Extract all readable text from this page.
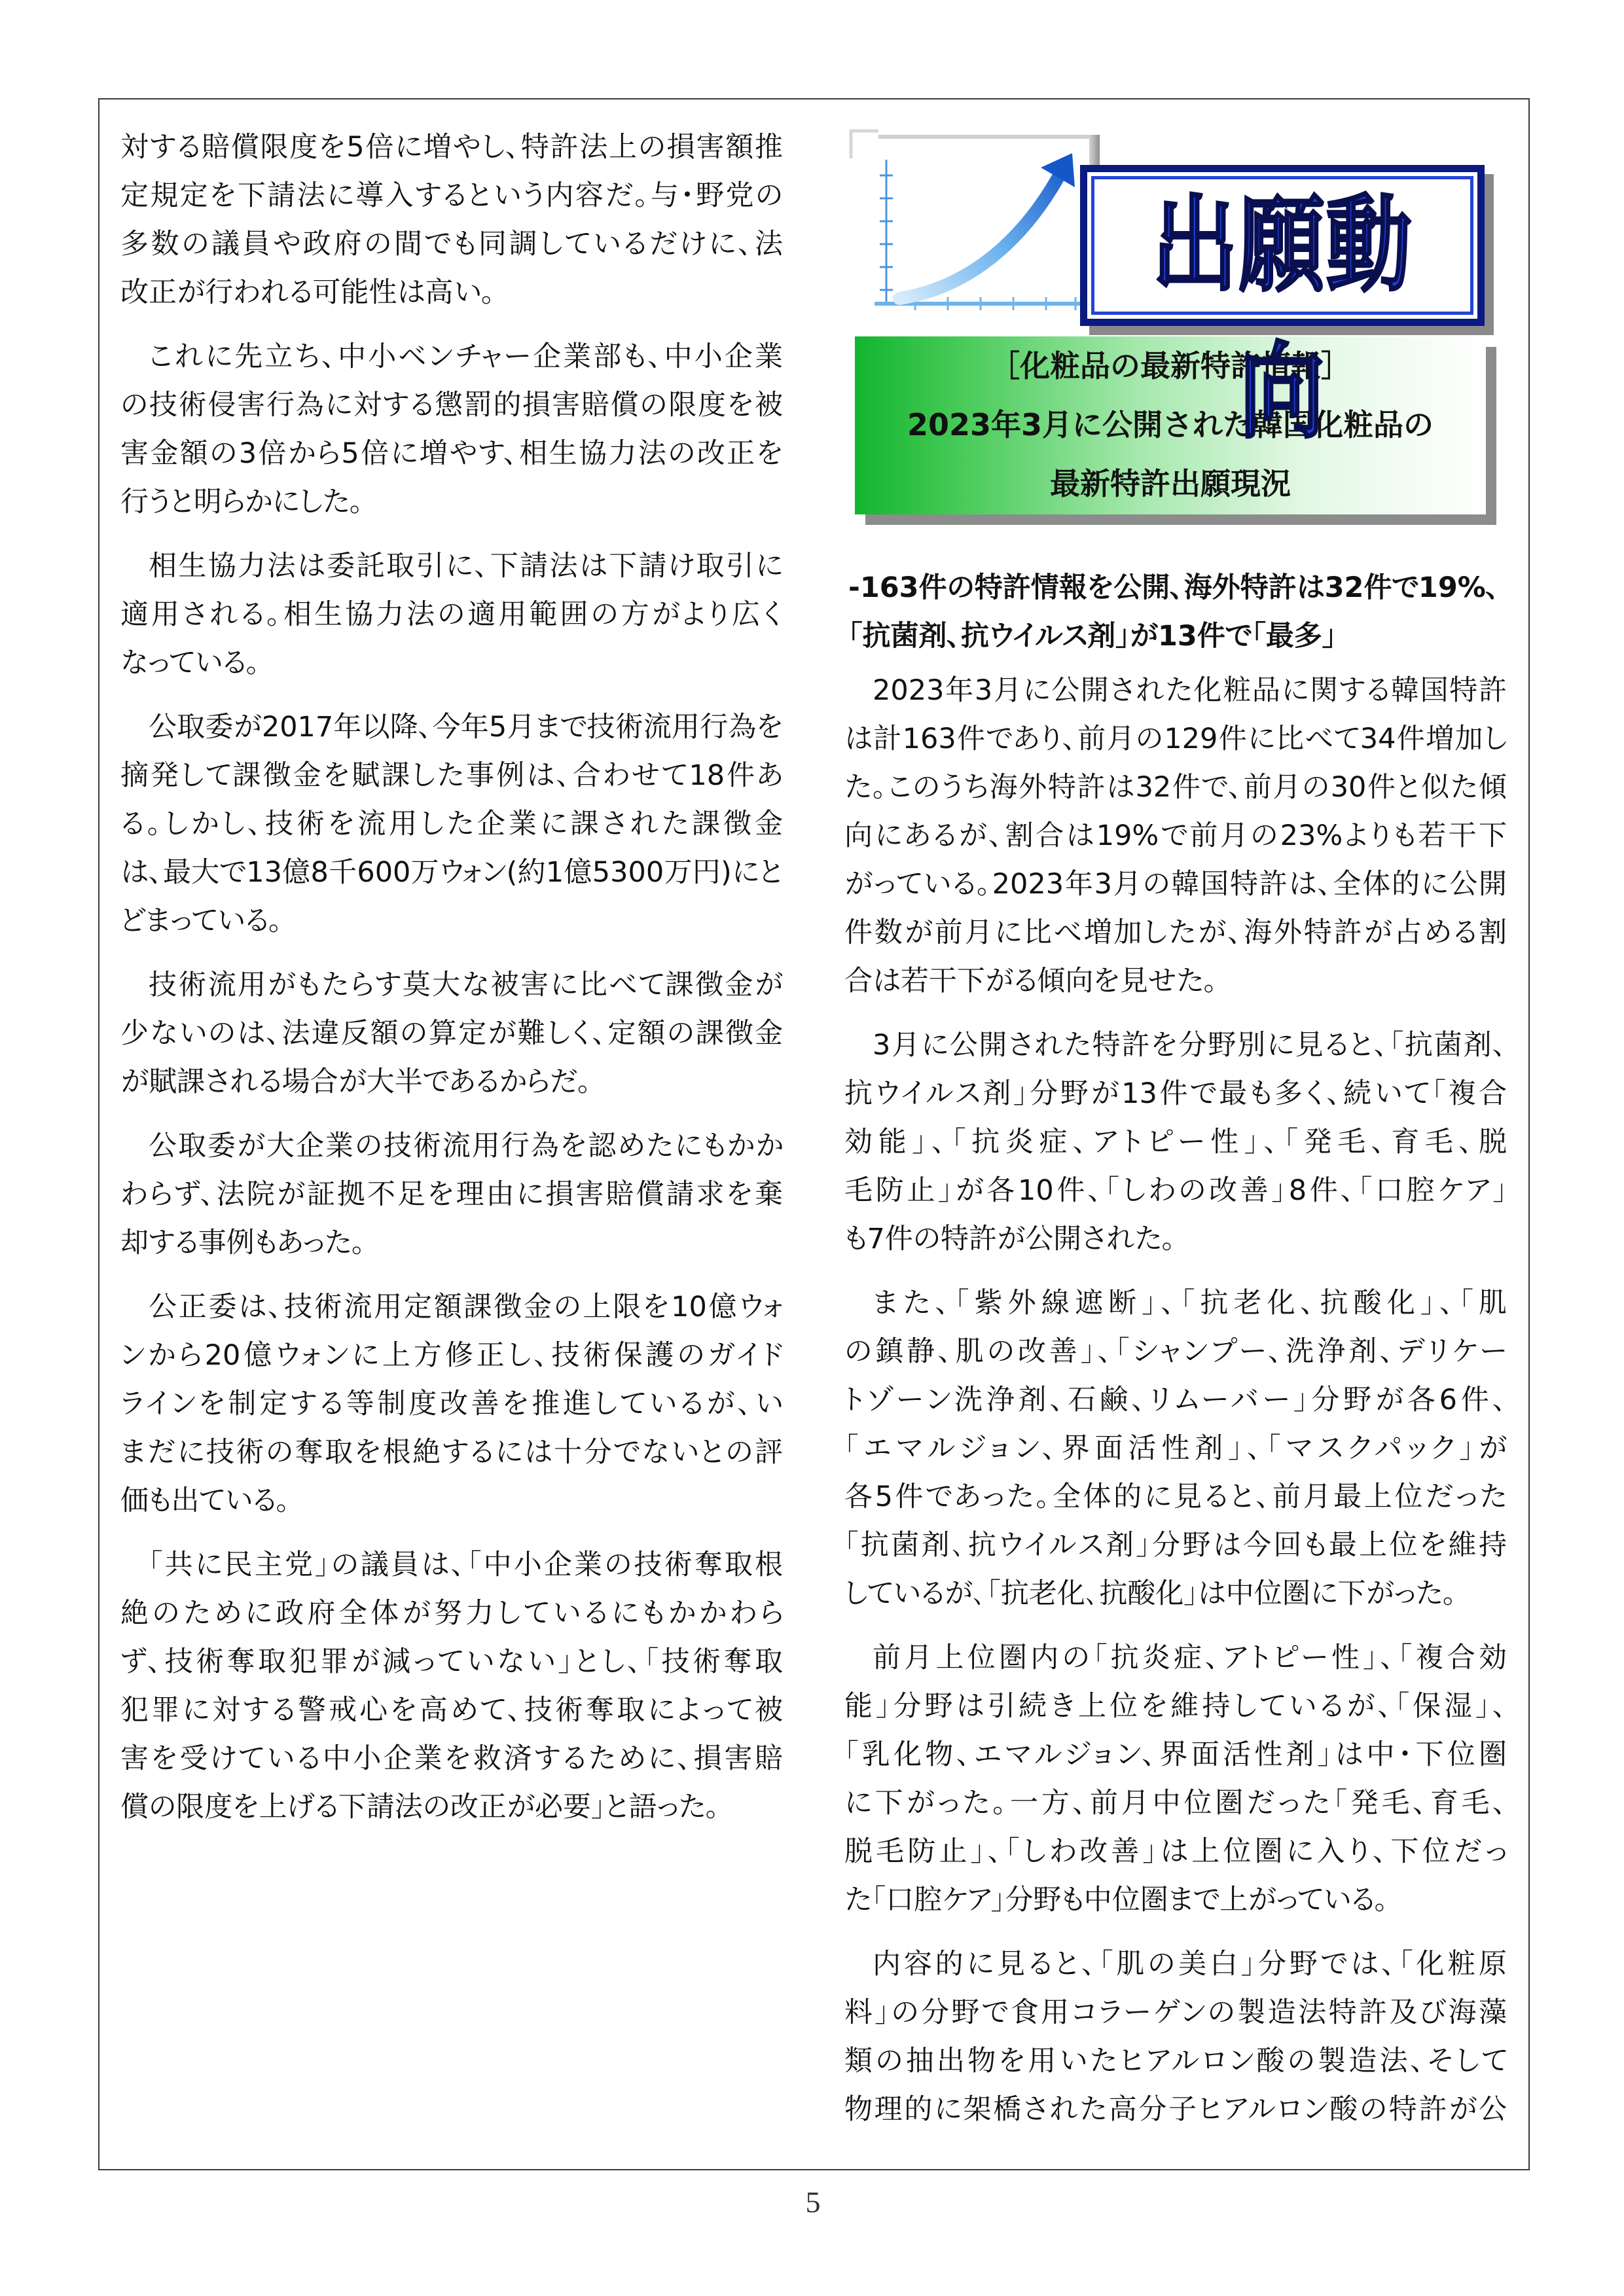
対する賠償限度を5倍に増やし、特許法上の損害額推
定規定を下請法に導入するという内容だ。与･野党の
多数の議員や政府の間でも同調しているだけに、法
改正が行われる可能性は高い。
これに先立ち、中小ベンチャー企業部も、中小企業
の技術侵害行為に対する懲罰的損害賠償の限度を被
害金額の3倍から5倍に増やす、相生協力法の改正を
行うと明らかにした。
相生協力法は委託取引に、下請法は下請け取引に
適用される。相生協力法の適用範囲の方がより広く
なっている。
公取委が2017年以降、今年5月まで技術流用行為を
摘発して課徴金を賦課した事例は、合わせて18件あ
る。しかし、技術を流用した企業に課された課徴金
は、最大で13億8千600万ウォン(約1億5300万円)にと
どまっている。
技術流用がもたらす莫大な被害に比べて課徴金が
少ないのは、法違反額の算定が難しく、定額の課徴金
が賦課される場合が大半であるからだ。
公取委が大企業の技術流用行為を認めたにもかか
わらず、法院が証拠不足を理由に損害賠償請求を棄
却する事例もあった。
公正委は、技術流用定額課徴金の上限を10億ウォ
ンから20億ウォンに上方修正し、技術保護のガイド
ラインを制定する等制度改善を推進しているが、い
まだに技術の奪取を根絶するには十分でないとの評
価も出ている。
「共に民主党」の議員は、「中小企業の技術奪取根
絶のために政府全体が努力しているにもかかわら
ず、技術奪取犯罪が減っていない」とし、「技術奪取
犯罪に対する警戒心を高めて、技術奪取によって被
害を受けている中小企業を救済するために、損害賠
償の限度を上げる下請法の改正が必要」と語った。
出願動向
［化粧品の最新特許情報］
2023年3月に公開された韓国化粧品の
最新特許出願現況
-163件の特許情報を公開、海外特許は32件で19%、
「抗菌剤、抗ウイルス剤」が13件で「最多」
2023年3月に公開された化粧品に関する韓国特許
は計163件であり、前月の129件に比べて34件増加し
た。このうち海外特許は32件で、前月の30件と似た傾
向にあるが、割合は19%で前月の23%よりも若干下
がっている。2023年3月の韓国特許は、全体的に公開
件数が前月に比べ増加したが、海外特許が占める割
合は若干下がる傾向を見せた。
3月に公開された特許を分野別に見ると、「抗菌剤、
抗ウイルス剤」分野が13件で最も多く、続いて「複合
効能」、「抗炎症、アトピー性」、「発毛、育毛、脱
毛防止」が各10件、「しわの改善」8件、「口腔ケア」
も7件の特許が公開された。
また、「紫外線遮断」、「抗老化、抗酸化」、「肌
の鎮静、肌の改善」、「シャンプー、洗浄剤、デリケー
トゾーン洗浄剤、石鹸、リムーバー」分野が各6件、
「エマルジョン、界面活性剤」、「マスクパック」が
各5件であった。全体的に見ると、前月最上位だった
「抗菌剤､抗ウイルス剤」分野は今回も最上位を維持
しているが､「抗老化､抗酸化」は中位圏に下がった。
前月上位圏内の「抗炎症、アトピー性」、「複合効
能」分野は引続き上位を維持しているが、「保湿」、
「乳化物、エマルジョン、界面活性剤」は中･下位圏
に下がった。一方、前月中位圏だった「発毛、育毛、
脱毛防止」、「しわ改善」は上位圏に入り、下位だっ
た「口腔ケア」分野も中位圏まで上がっている。
内容的に見ると、「肌の美白」分野では、「化粧原
料」の分野で食用コラーゲンの製造法特許及び海藻
類の抽出物を用いたヒアルロン酸の製造法、そして
物理的に架橋された高分子ヒアルロン酸の特許が公
5
